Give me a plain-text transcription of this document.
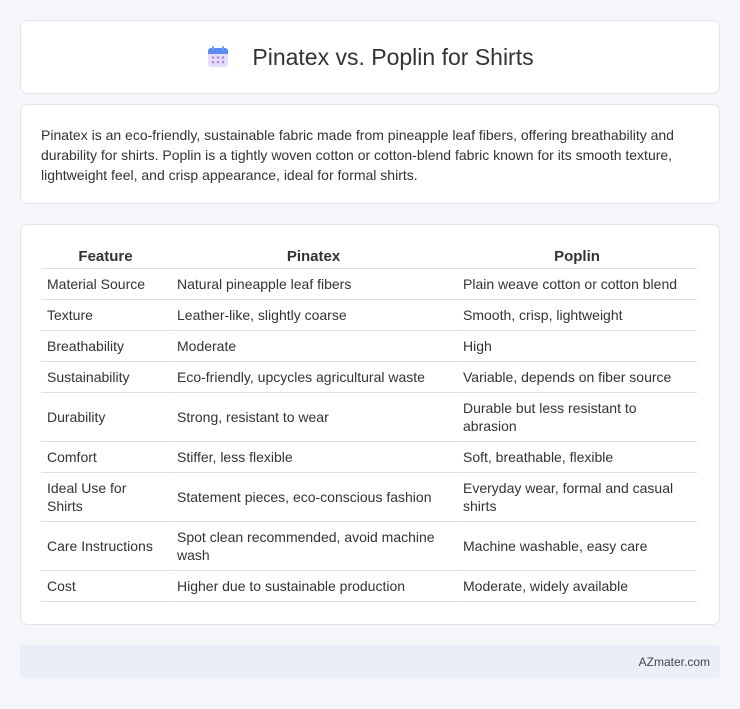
Pinatex vs. Poplin for Shirts

Pinatex is an eco-friendly, sustainable fabric made from pineapple leaf fibers, offering breathability and durability for shirts. Poplin is a tightly woven cotton or cotton-blend fabric known for its smooth texture, lightweight feel, and crisp appearance, ideal for formal shirts.

Feature	Pinatex	Poplin
Material Source	Natural pineapple leaf fibers	Plain weave cotton or cotton blend
Texture	Leather-like, slightly coarse	Smooth, crisp, lightweight
Breathability	Moderate	High
Sustainability	Eco-friendly, upcycles agricultural waste	Variable, depends on fiber source
Durability	Strong, resistant to wear	Durable but less resistant to abrasion
Comfort	Stiffer, less flexible	Soft, breathable, flexible
Ideal Use for Shirts	Statement pieces, eco-conscious fashion	Everyday wear, formal and casual shirts
Care Instructions	Spot clean recommended, avoid machine wash	Machine washable, easy care
Cost	Higher due to sustainable production	Moderate, widely available
AZmater.com
